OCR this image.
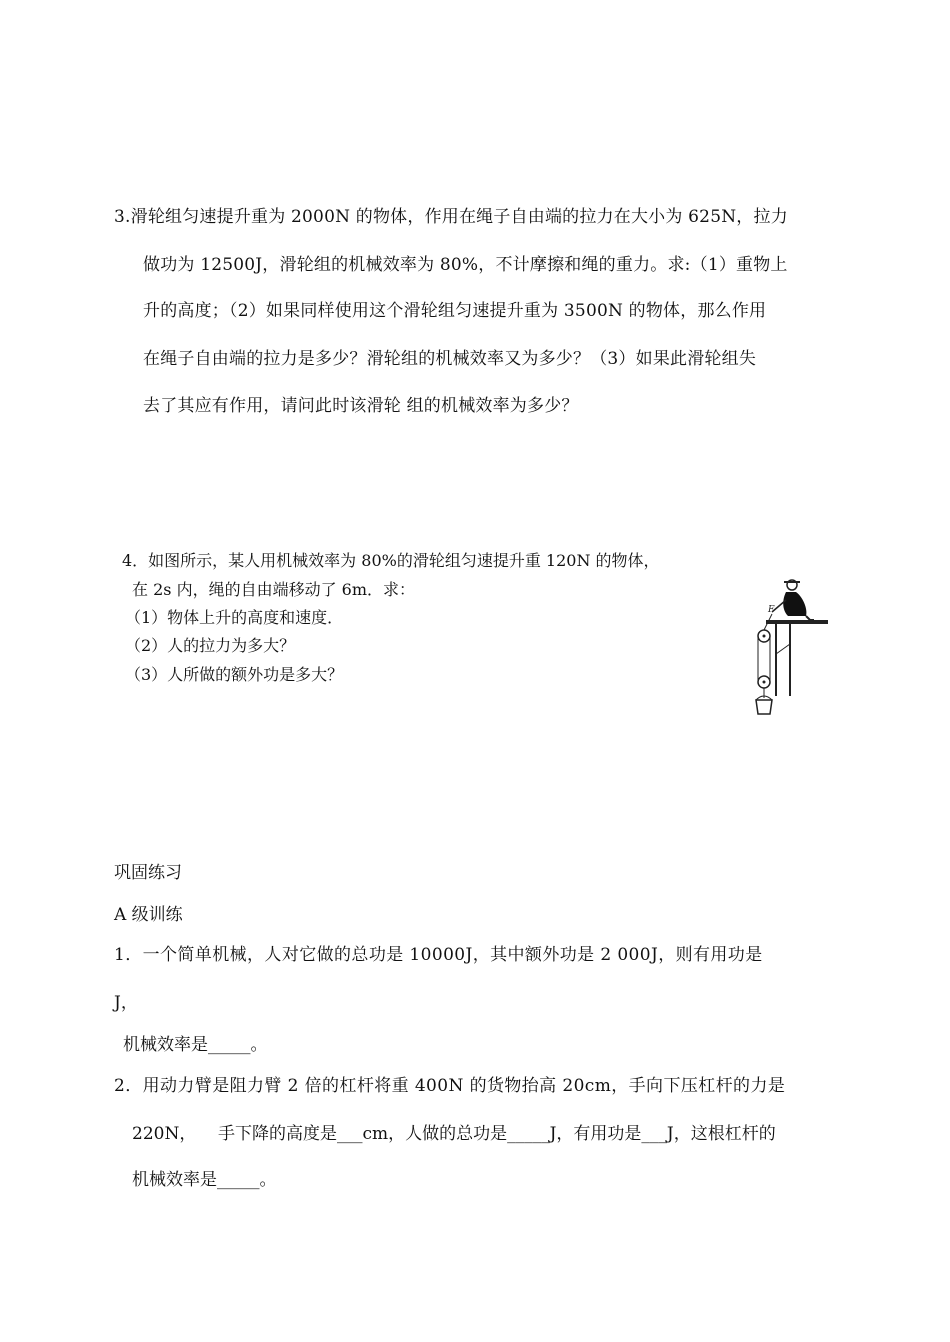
3.滑轮组匀速提升重为 2000N 的物体，作用在绳子自由端的拉力在大小为 625N，拉力
做功为 12500J，滑轮组的机械效率为 80%，不计摩擦和绳的重力。求:（1）重物上
升的高度；（2）如果同样使用这个滑轮组匀速提升重为 3500N 的物体，那么作用
在绳子自由端的拉力是多少？滑轮组的机械效率又为多少？（3）如果此滑轮组失
去了其应有作用，请问此时该滑轮 组的机械效率为多少？
4．如图所示，某人用机械效率为 80%的滑轮组匀速提升重 120N 的物体，
在 2s 内，绳的自由端移动了 6m．求：
（1）物体上升的高度和速度．
（2）人的拉力为多大？
（3）人所做的额外功是多大？
F
巩固练习
A 级训练
1．一个简单机械，人对它做的总功是 10000J，其中额外功是 2 000J，则有用功是
J，
机械效率是_____。
2．用动力臂是阻力臂 2 倍的杠杆将重 400N 的货物抬高 20cm，手向下压杠杆的力是
220N，    手下降的高度是___cm，人做的总功是_____J，有用功是___J，这根杠杆的
机械效率是_____。
